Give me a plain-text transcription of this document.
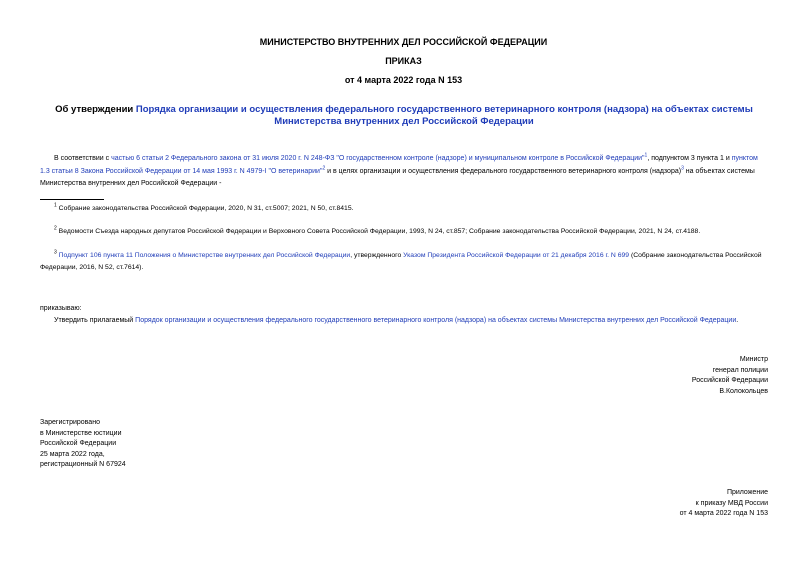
МИНИСТЕРСТВО ВНУТРЕННИХ ДЕЛ РОССИЙСКОЙ ФЕДЕРАЦИИ
ПРИКАЗ
от 4 марта 2022 года N 153
Об утверждении Порядка организации и осуществления федерального государственного ветеринарного контроля (надзора) на объектах системы Министерства внутренних дел Российской Федерации
В соответствии с частью 6 статьи 2 Федерального закона от 31 июля 2020 г. N 248-ФЗ "О государственном контроле (надзоре) и муниципальном контроле в Российской Федерации"$^1$, подпунктом 3 пункта 1 и пунктом 1.3 статьи 8 Закона Российской Федерации от 14 мая 1993 г. N 4979-I "О ветеринарии"$^2$ и в целях организации и осуществления федерального государственного ветеринарного контроля (надзора)$^3$ на объектах системы Министерства внутренних дел Российской Федерации -
$^1$ Собрание законодательства Российской Федерации, 2020, N 31, ст.5007; 2021, N 50, ст.8415.
$^2$ Ведомости Съезда народных депутатов Российской Федерации и Верховного Совета Российской Федерации, 1993, N 24, ст.857; Собрание законодательства Российской Федерации, 2021, N 24, ст.4188.
$^3$ Подпункт 106 пункта 11 Положения о Министерстве внутренних дел Российской Федерации, утвержденного Указом Президента Российской Федерации от 21 декабря 2016 г. N 699 (Собрание законодательства Российской Федерации, 2016, N 52, ст.7614).
приказываю:
Утвердить прилагаемый Порядок организации и осуществления федерального государственного ветеринарного контроля (надзора) на объектах системы Министерства внутренних дел Российской Федерации.
Министр
генерал полиции
Российской Федерации
В.Колокольцев
Зарегистрировано
в Министерстве юстиции
Российской Федерации
25 марта 2022 года,
регистрационный N 67924
Приложение
к приказу МВД России
от 4 марта 2022 года N 153
